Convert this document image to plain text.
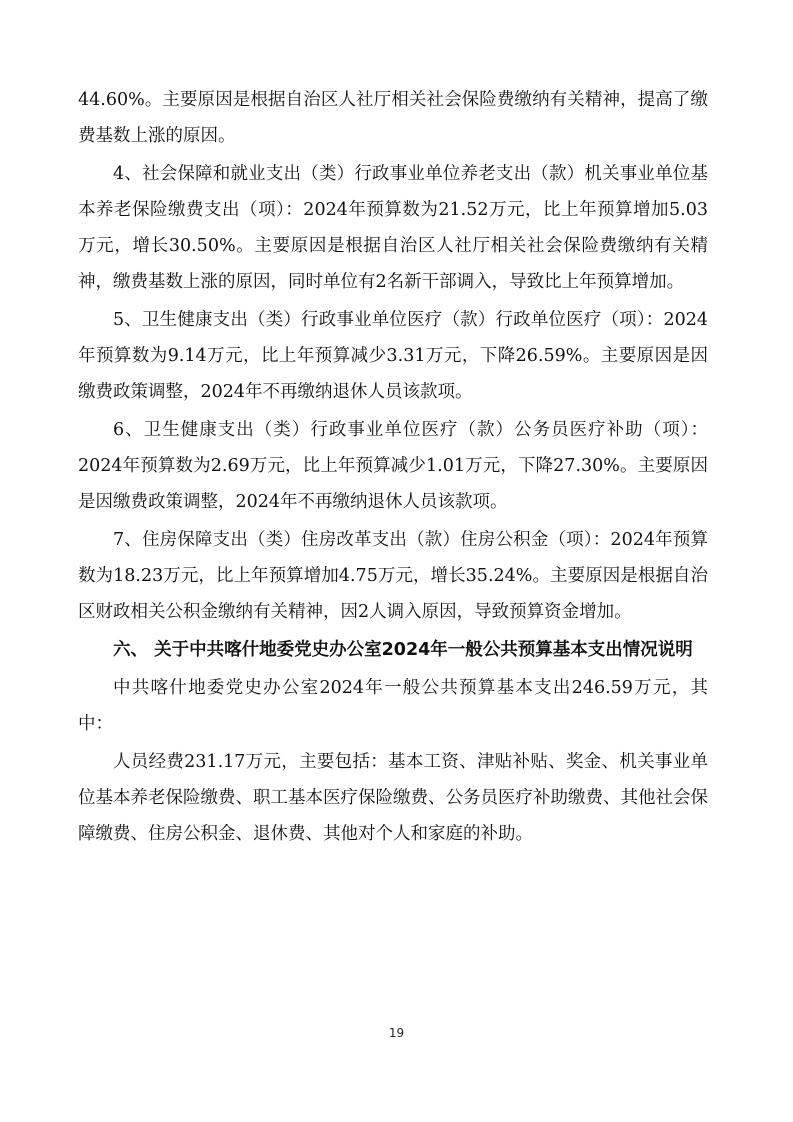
44.60%。主要原因是根据自治区人社厅相关社会保险费缴纳有关精神，提高了缴费基数上涨的原因。

4、社会保障和就业支出（类）行政事业单位养老支出（款）机关事业单位基本养老保险缴费支出（项）：2024年预算数为21.52万元，比上年预算增加5.03万元，增长30.50%。主要原因是根据自治区人社厅相关社会保险费缴纳有关精神，缴费基数上涨的原因，同时单位有2名新干部调入，导致比上年预算增加。

5、卫生健康支出（类）行政事业单位医疗（款）行政单位医疗（项）：2024年预算数为9.14万元，比上年预算减少3.31万元，下降26.59%。主要原因是因缴费政策调整，2024年不再缴纳退休人员该款项。

6、卫生健康支出（类）行政事业单位医疗（款）公务员医疗补助（项）：2024年预算数为2.69万元，比上年预算减少1.01万元，下降27.30%。主要原因是因缴费政策调整，2024年不再缴纳退休人员该款项。

7、住房保障支出（类）住房改革支出（款）住房公积金（项）：2024年预算数为18.23万元，比上年预算增加4.75万元，增长35.24%。主要原因是根据自治区财政相关公积金缴纳有关精神，因2人调入原因，导致预算资金增加。

六、 关于中共喀什地委党史办公室2024年一般公共预算基本支出情况说明

中共喀什地委党史办公室2024年一般公共预算基本支出246.59万元，其中：

人员经费231.17万元，主要包括：基本工资、津贴补贴、奖金、机关事业单位基本养老保险缴费、职工基本医疗保险缴费、公务员医疗补助缴费、其他社会保障缴费、住房公积金、退休费、其他对个人和家庭的补助。

19
